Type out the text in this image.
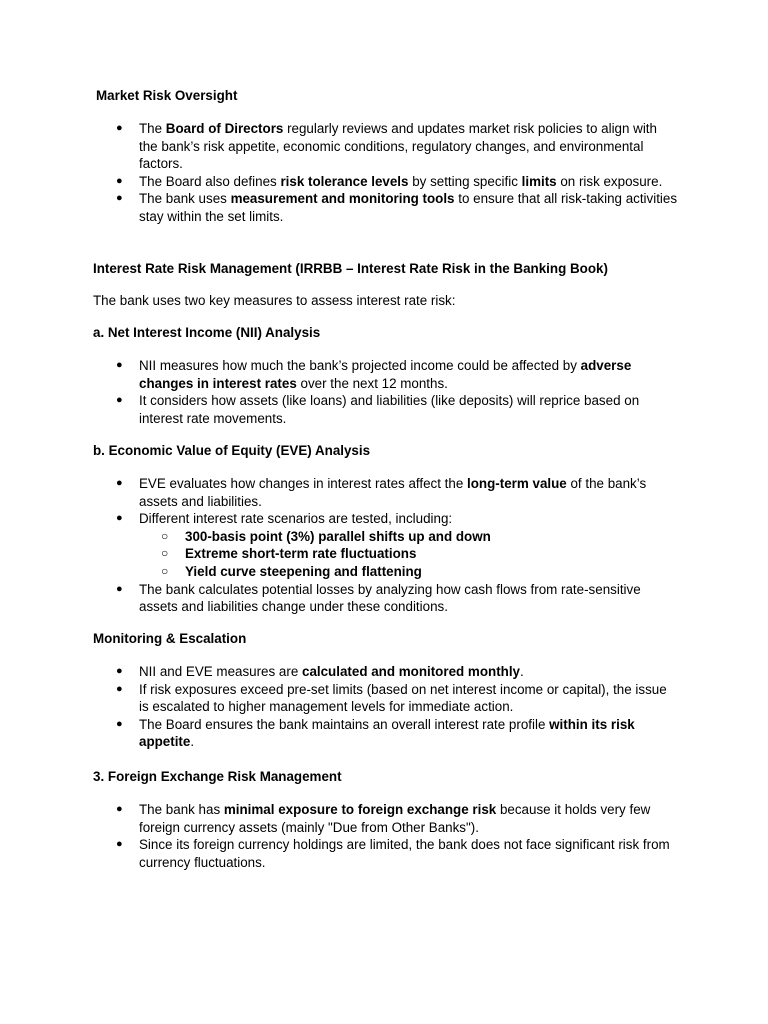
Market Risk Oversight
● The Board of Directors regularly reviews and updates market risk policies to align with the bank’s risk appetite, economic conditions, regulatory changes, and environmental factors.
● The Board also defines risk tolerance levels by setting specific limits on risk exposure.
● The bank uses measurement and monitoring tools to ensure that all risk-taking activities stay within the set limits.
Interest Rate Risk Management (IRRBB – Interest Rate Risk in the Banking Book)
The bank uses two key measures to assess interest rate risk:
a. Net Interest Income (NII) Analysis
● NII measures how much the bank’s projected income could be affected by adverse changes in interest rates over the next 12 months.
● It considers how assets (like loans) and liabilities (like deposits) will reprice based on interest rate movements.
b. Economic Value of Equity (EVE) Analysis
● EVE evaluates how changes in interest rates affect the long-term value of the bank’s assets and liabilities.
● Different interest rate scenarios are tested, including:
○ 300-basis point (3%) parallel shifts up and down
○ Extreme short-term rate fluctuations
○ Yield curve steepening and flattening
● The bank calculates potential losses by analyzing how cash flows from rate-sensitive assets and liabilities change under these conditions.
Monitoring & Escalation
● NII and EVE measures are calculated and monitored monthly.
● If risk exposures exceed pre-set limits (based on net interest income or capital), the issue is escalated to higher management levels for immediate action.
● The Board ensures the bank maintains an overall interest rate profile within its risk appetite.
3. Foreign Exchange Risk Management
● The bank has minimal exposure to foreign exchange risk because it holds very few foreign currency assets (mainly "Due from Other Banks").
● Since its foreign currency holdings are limited, the bank does not face significant risk from currency fluctuations.
